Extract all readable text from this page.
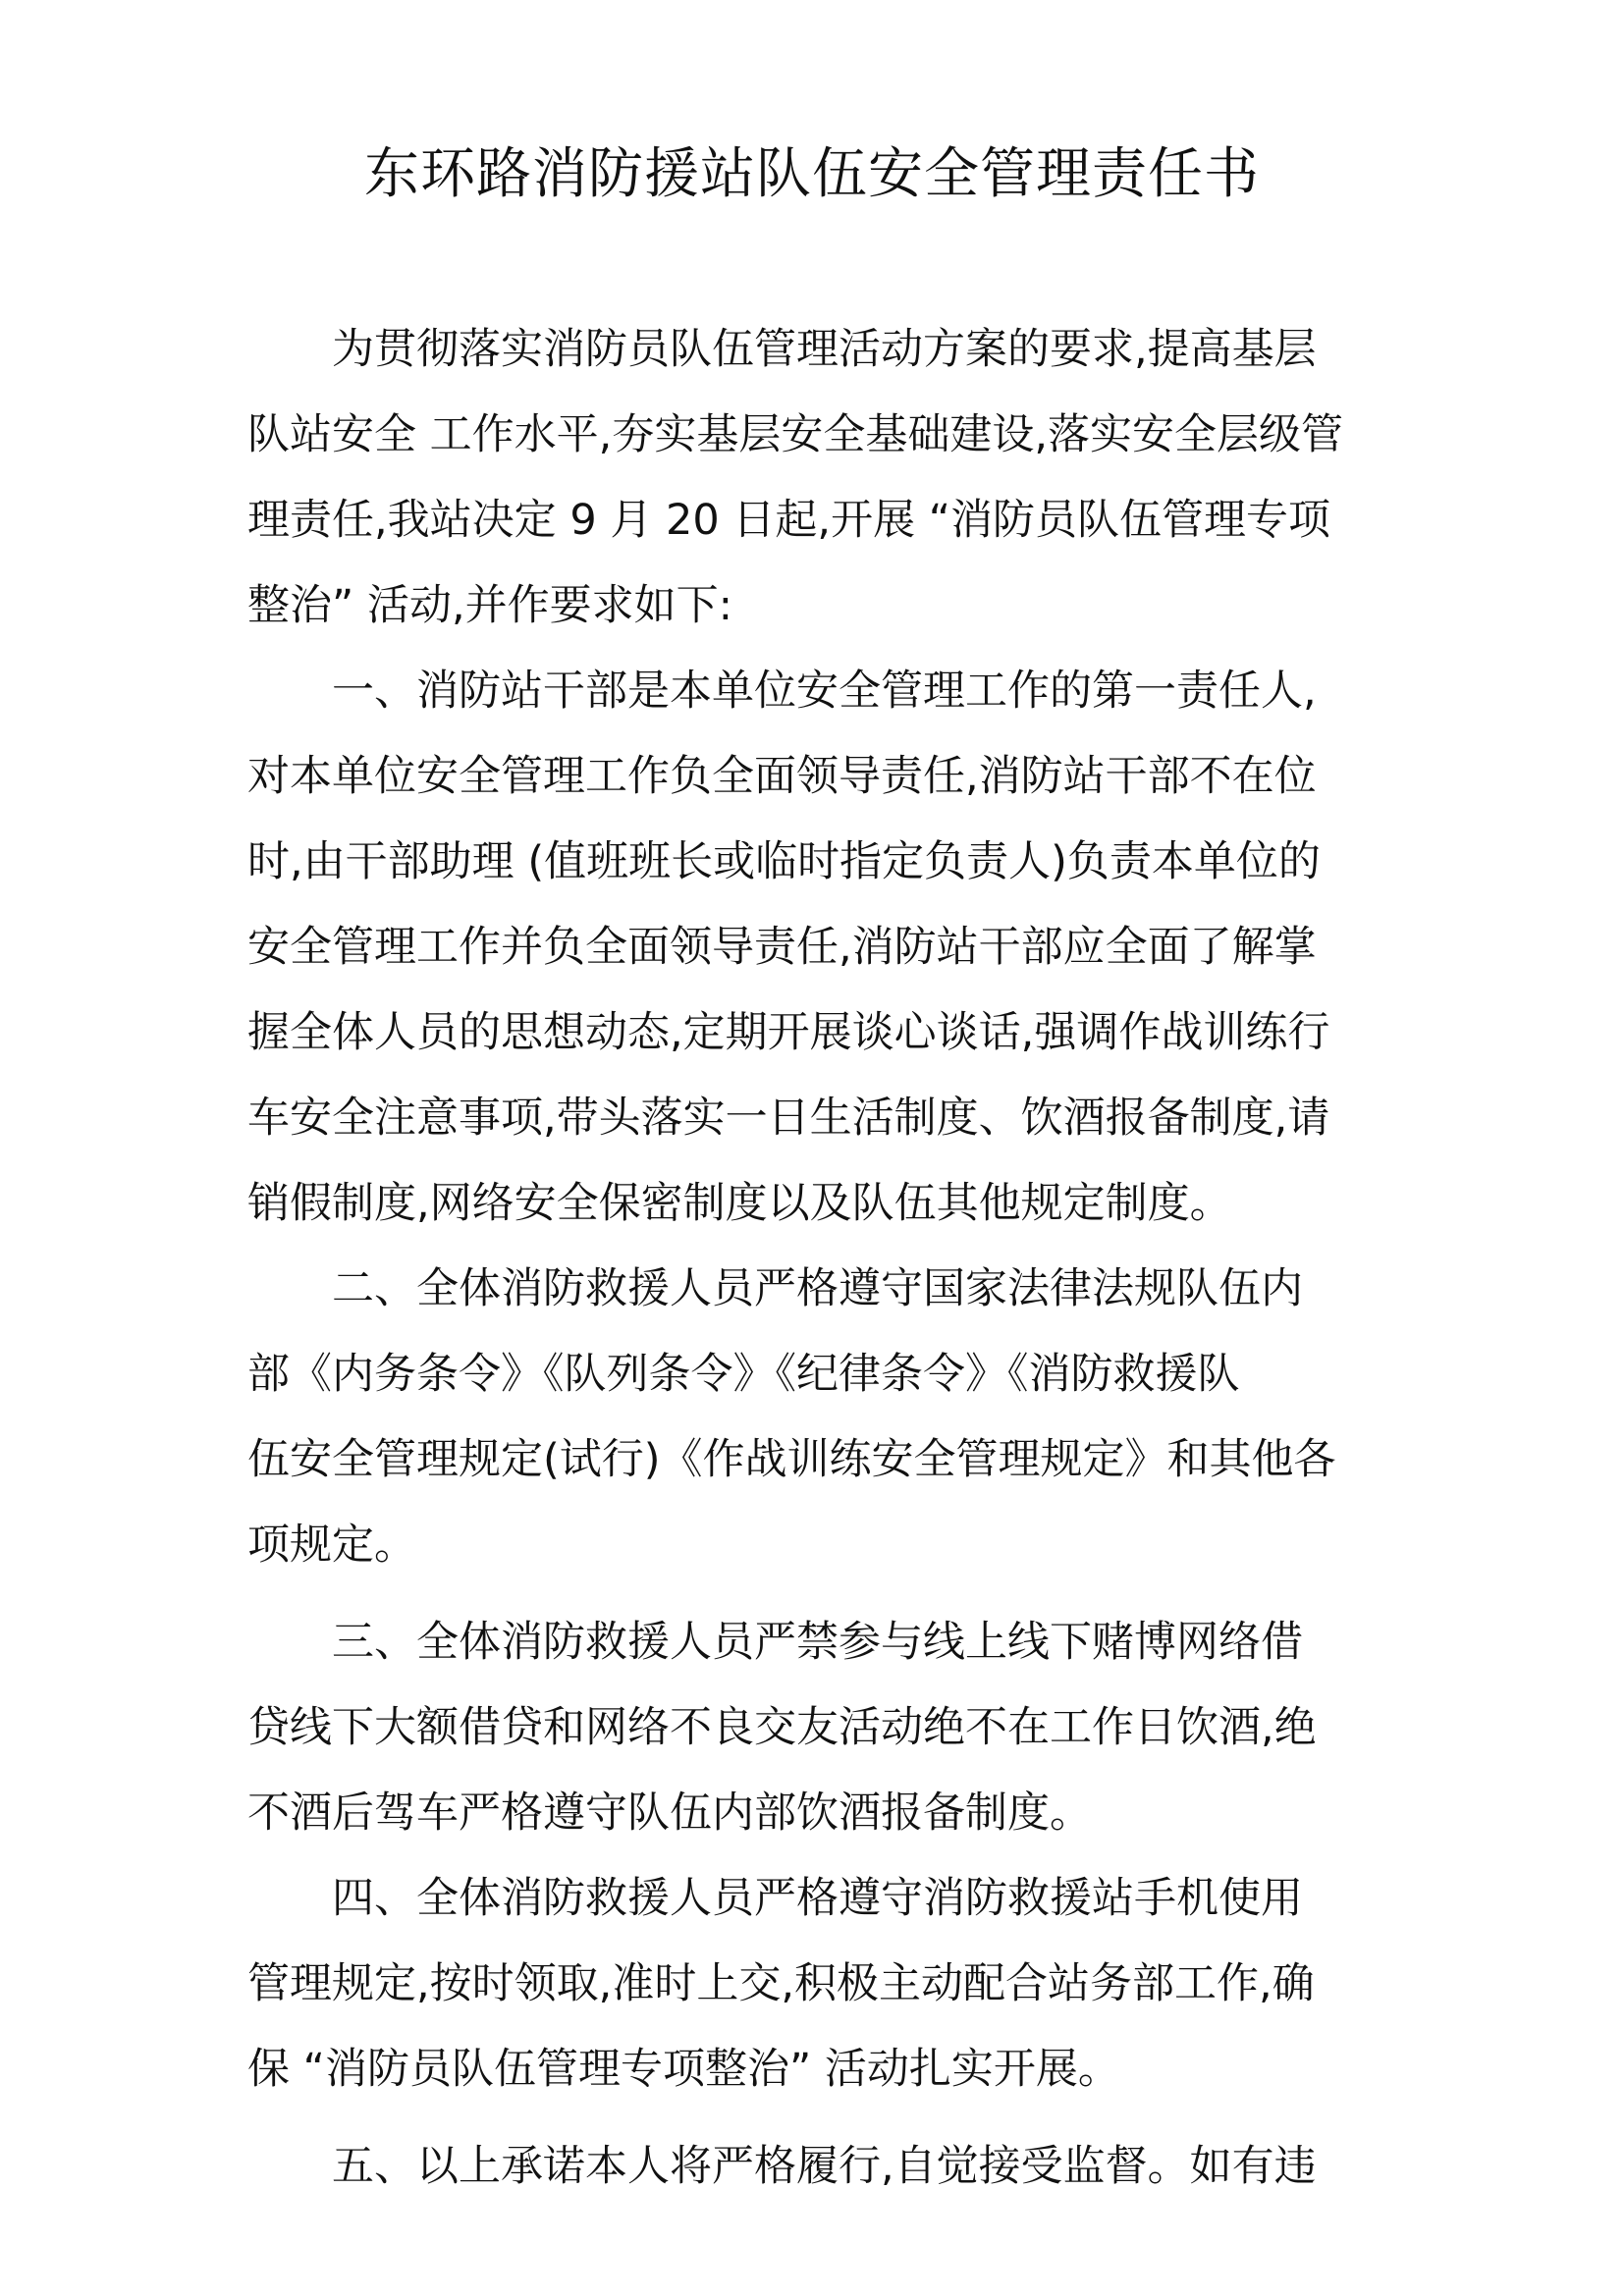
东环路消防援站队伍安全管理责任书
为贯彻落实消防员队伍管理活动方案的要求,提高基层
队站安全 工作水平,夯实基层安全基础建设,落实安全层级管
理责任,我站决定 9 月 20 日起,开展 “消防员队伍管理专项
整治” 活动,并作要求如下:
一、消防站干部是本单位安全管理工作的第一责任人,
对本单位安全管理工作负全面领导责任,消防站干部不在位
时,由干部助理 (值班班长或临时指定负责人)负责本单位的
安全管理工作并负全面领导责任,消防站干部应全面了解掌
握全体人员的思想动态,定期开展谈心谈话,强调作战训练行
车安全注意事项,带头落实一日生活制度、饮酒报备制度,请
销假制度,网络安全保密制度以及队伍其他规定制度。
二、全体消防救援人员严格遵守国家法律法规队伍内
部《内务条令》《队列条令》《纪律条令》《消防救援队
伍安全管理规定(试行)《作战训练安全管理规定》和其他各
项规定。
三、全体消防救援人员严禁参与线上线下赌博网络借
贷线下大额借贷和网络不良交友活动绝不在工作日饮酒,绝
不酒后驾车严格遵守队伍内部饮酒报备制度。
四、全体消防救援人员严格遵守消防救援站手机使用
管理规定,按时领取,准时上交,积极主动配合站务部工作,确
保 “消防员队伍管理专项整治” 活动扎实开展。
五、以上承诺本人将严格履行,自觉接受监督。如有违
